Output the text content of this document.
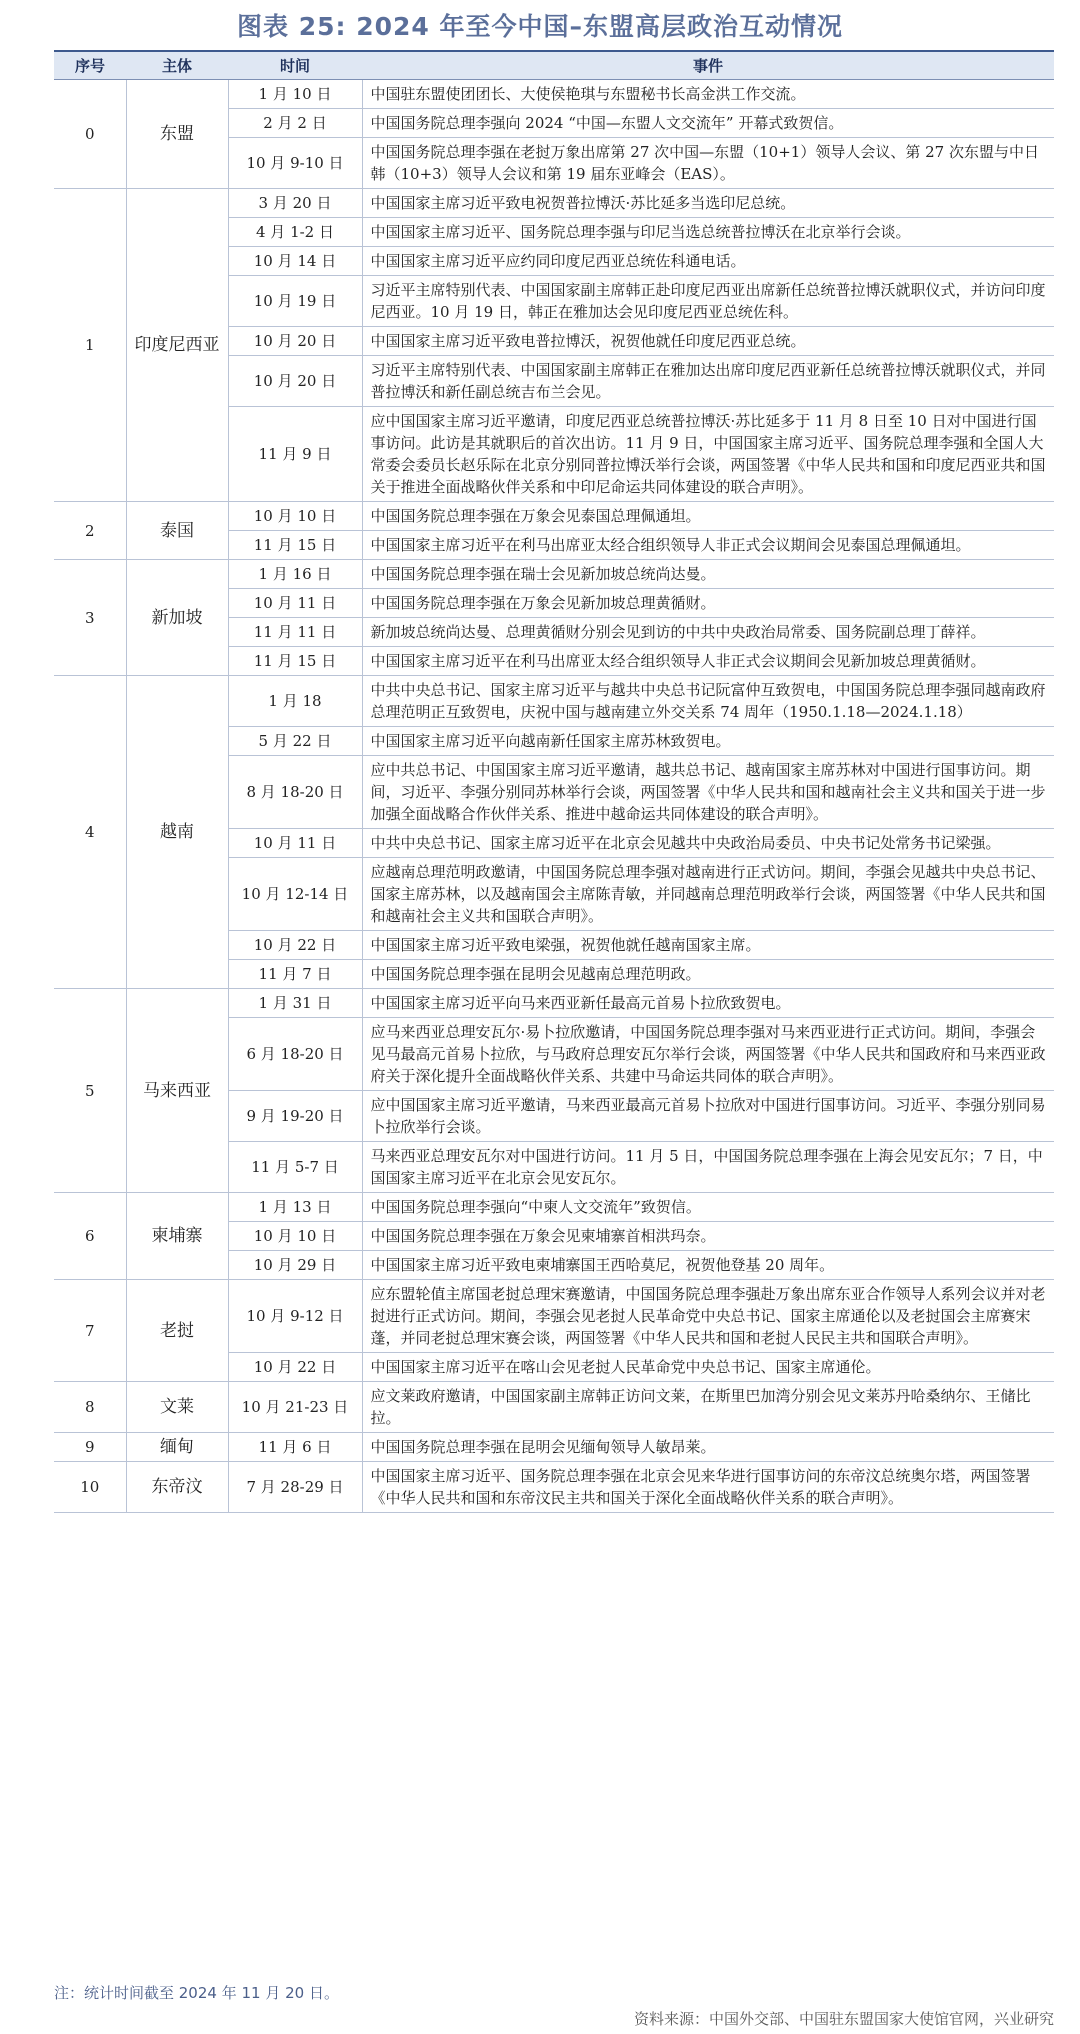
图表 25: 2024 年至今中国–东盟高层政治互动情况
序号	主体	时间	事件
0	东盟	1 月 10 日	中国驻东盟使团团长、大使侯艳琪与东盟秘书长高金洪工作交流。
		2 月 2 日	中国国务院总理李强向 2024 “中国—东盟人文交流年” 开幕式致贺信。
		10 月 9-10 日	中国国务院总理李强在老挝万象出席第 27 次中国—东盟（10+1）领导人会议、第 27 次东盟与中日韩（10+3）领导人会议和第 19 届东亚峰会（EAS）。
1	印度尼西亚	3 月 20 日	中国国家主席习近平致电祝贺普拉博沃·苏比延多当选印尼总统。
		4 月 1-2 日	中国国家主席习近平、国务院总理李强与印尼当选总统普拉博沃在北京举行会谈。
		10 月 14 日	中国国家主席习近平应约同印度尼西亚总统佐科通电话。
		10 月 19 日	习近平主席特别代表、中国国家副主席韩正赴印度尼西亚出席新任总统普拉博沃就职仪式，并访问印度尼西亚。10 月 19 日，韩正在雅加达会见印度尼西亚总统佐科。
		10 月 20 日	中国国家主席习近平致电普拉博沃，祝贺他就任印度尼西亚总统。
		10 月 20 日	习近平主席特别代表、中国国家副主席韩正在雅加达出席印度尼西亚新任总统普拉博沃就职仪式，并同普拉博沃和新任副总统吉布兰会见。
		11 月 9 日	应中国国家主席习近平邀请，印度尼西亚总统普拉博沃·苏比延多于 11 月 8 日至 10 日对中国进行国事访问。此访是其就职后的首次出访。11 月 9 日，中国国家主席习近平、国务院总理李强和全国人大常委会委员长赵乐际在北京分别同普拉博沃举行会谈，两国签署《中华人民共和国和印度尼西亚共和国关于推进全面战略伙伴关系和中印尼命运共同体建设的联合声明》。
2	泰国	10 月 10 日	中国国务院总理李强在万象会见泰国总理佩通坦。
		11 月 15 日	中国国家主席习近平在利马出席亚太经合组织领导人非正式会议期间会见泰国总理佩通坦。
3	新加坡	1 月 16 日	中国国务院总理李强在瑞士会见新加坡总统尚达曼。
		10 月 11 日	中国国务院总理李强在万象会见新加坡总理黄循财。
		11 月 11 日	新加坡总统尚达曼、总理黄循财分别会见到访的中共中央政治局常委、国务院副总理丁薛祥。
		11 月 15 日	中国国家主席习近平在利马出席亚太经合组织领导人非正式会议期间会见新加坡总理黄循财。
4	越南	1 月 18	中共中央总书记、国家主席习近平与越共中央总书记阮富仲互致贺电，中国国务院总理李强同越南政府总理范明正互致贺电，庆祝中国与越南建立外交关系 74 周年（1950.1.18—2024.1.18）
		5 月 22 日	中国国家主席习近平向越南新任国家主席苏林致贺电。
		8 月 18-20 日	应中共总书记、中国国家主席习近平邀请，越共总书记、越南国家主席苏林对中国进行国事访问。期间，习近平、李强分别同苏林举行会谈，两国签署《中华人民共和国和越南社会主义共和国关于进一步加强全面战略合作伙伴关系、推进中越命运共同体建设的联合声明》。
		10 月 11 日	中共中央总书记、国家主席习近平在北京会见越共中央政治局委员、中央书记处常务书记梁强。
		10 月 12-14 日	应越南总理范明政邀请，中国国务院总理李强对越南进行正式访问。期间，李强会见越共中央总书记、国家主席苏林，以及越南国会主席陈青敏，并同越南总理范明政举行会谈，两国签署《中华人民共和国和越南社会主义共和国联合声明》。
		10 月 22 日	中国国家主席习近平致电梁强，祝贺他就任越南国家主席。
		11 月 7 日	中国国务院总理李强在昆明会见越南总理范明政。
5	马来西亚	1 月 31 日	中国国家主席习近平向马来西亚新任最高元首易卜拉欣致贺电。
		6 月 18-20 日	应马来西亚总理安瓦尔·易卜拉欣邀请，中国国务院总理李强对马来西亚进行正式访问。期间，李强会见马最高元首易卜拉欣，与马政府总理安瓦尔举行会谈，两国签署《中华人民共和国政府和马来西亚政府关于深化提升全面战略伙伴关系、共建中马命运共同体的联合声明》。
		9 月 19-20 日	应中国国家主席习近平邀请，马来西亚最高元首易卜拉欣对中国进行国事访问。习近平、李强分别同易卜拉欣举行会谈。
		11 月 5-7 日	马来西亚总理安瓦尔对中国进行访问。11 月 5 日，中国国务院总理李强在上海会见安瓦尔；7 日，中国国家主席习近平在北京会见安瓦尔。
6	柬埔寨	1 月 13 日	中国国务院总理李强向“中柬人文交流年”致贺信。
		10 月 10 日	中国国务院总理李强在万象会见柬埔寨首相洪玛奈。
		10 月 29 日	中国国家主席习近平致电柬埔寨国王西哈莫尼，祝贺他登基 20 周年。
7	老挝	10 月 9-12 日	应东盟轮值主席国老挝总理宋赛邀请，中国国务院总理李强赴万象出席东亚合作领导人系列会议并对老挝进行正式访问。期间，李强会见老挝人民革命党中央总书记、国家主席通伦以及老挝国会主席赛宋蓬，并同老挝总理宋赛会谈，两国签署《中华人民共和国和老挝人民民主共和国联合声明》。
		10 月 22 日	中国国家主席习近平在喀山会见老挝人民革命党中央总书记、国家主席通伦。
8	文莱	10 月 21-23 日	应文莱政府邀请，中国国家副主席韩正访问文莱，在斯里巴加湾分别会见文莱苏丹哈桑纳尔、王储比拉。
9	缅甸	11 月 6 日	中国国务院总理李强在昆明会见缅甸领导人敏昂莱。
10	东帝汶	7 月 28-29 日	中国国家主席习近平、国务院总理李强在北京会见来华进行国事访问的东帝汶总统奥尔塔，两国签署《中华人民共和国和东帝汶民主共和国关于深化全面战略伙伴关系的联合声明》。
注：统计时间截至 2024 年 11 月 20 日。
资料来源：中国外交部、中国驻东盟国家大使馆官网，兴业研究
